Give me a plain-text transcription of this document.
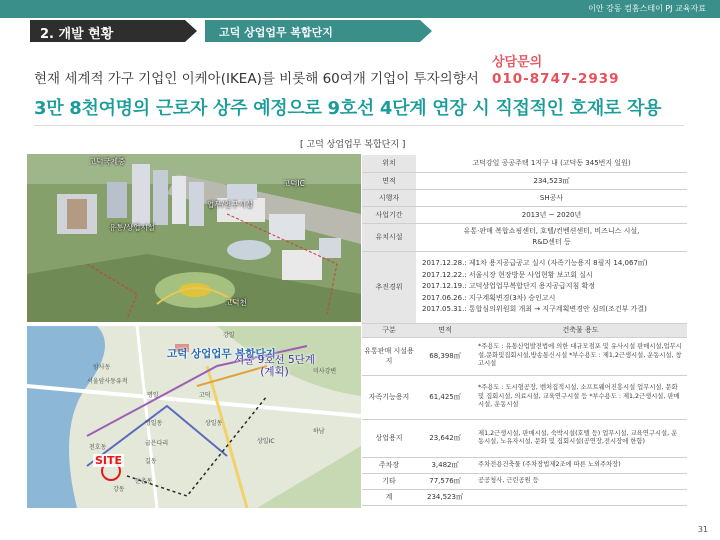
이안 강동 컴홈스테이 PJ 교육자료
2. 개발 현황	고덕 상업업무 복합단지
현재 세계적 가구 기업인 이케아(IKEA)를 비롯해 60여개 기업이 투자의향서
상담문의
010-8747-2939
3만 8천여명의 근로자 상주 예정으로 9호선 4단계 연장 시 직접적인 호재로 작용
[ 고덕 상업업무 복합단지 ]
고덕국제중
고덕IC
업무/연구시설
유통/상업시설
고덕천
고덕 상업업무 복합단지
서울 9호선 5단계 (계획)
SITE
강일
암사동
서울암사동유적
명일	고덕
상일동
명일동
굽은다리
길동
둔촌동
천호동
강동
미사강변
하남
상일IC
위치	고덕강일 공공주택 1지구 내 (고덕동 345번지 일원)	
면적	234,523㎡	
시행자	SH공사	
사업기간	2013년 ~ 2020년	
유치시설	유통·판매 복합쇼핑센터, 호텔/컨벤션센터, 비즈니스 시설, R&D센터 등	
추진경위	2017.12.28.: 제1차 용지공급공고 실시 (자족기능용지 8필지 14,067㎡)
2017.12.22.: 서울시장 현장방문 사업현황 보고회 실시
2017.12.19.: 고덕상업업무복합단지 용지공급지침 확정
2017.06.26.: 지구계획변경(3차) 승인고시
2017.05.31.: 통합심의위원회 개최 → 지구계획변경안 심의(조건부 가결)	

구분	면적	건축물 용도
유통판매 시설용지	68,398㎡	*주용도 : 유통산업발전법에 의한 대규모점포 및 유사시설 판매시설,업무시설,문화및집회시설,방송통신시설 *부수용도 : 제1,2근생시설, 운동시설, 창고시설
자족기능용지	61,425㎡	*주용도 : 도시형공장, 벤처집적시설, 소프트웨어진흥시설 업무시설, 문화 및 집회시설, 의료시설, 교육연구시설 등 *부수용도 : 제1,2근생시설, 판매시설, 운동시설
상업용지	23,642㎡	제1,2근생시설, 판매시설, 숙박시설(호텔 등) 업무시설, 교육연구시설, 운동시설, 노유자시설, 문화 및 집회시설(공연장,전시장에 한함)
주차장	3,482㎡	주차전용건축물 (주차장법제2조에 따른 노외주차장)
기타	77,576㎡	공공청사, 근린공원 등
계	234,523㎡	
31
